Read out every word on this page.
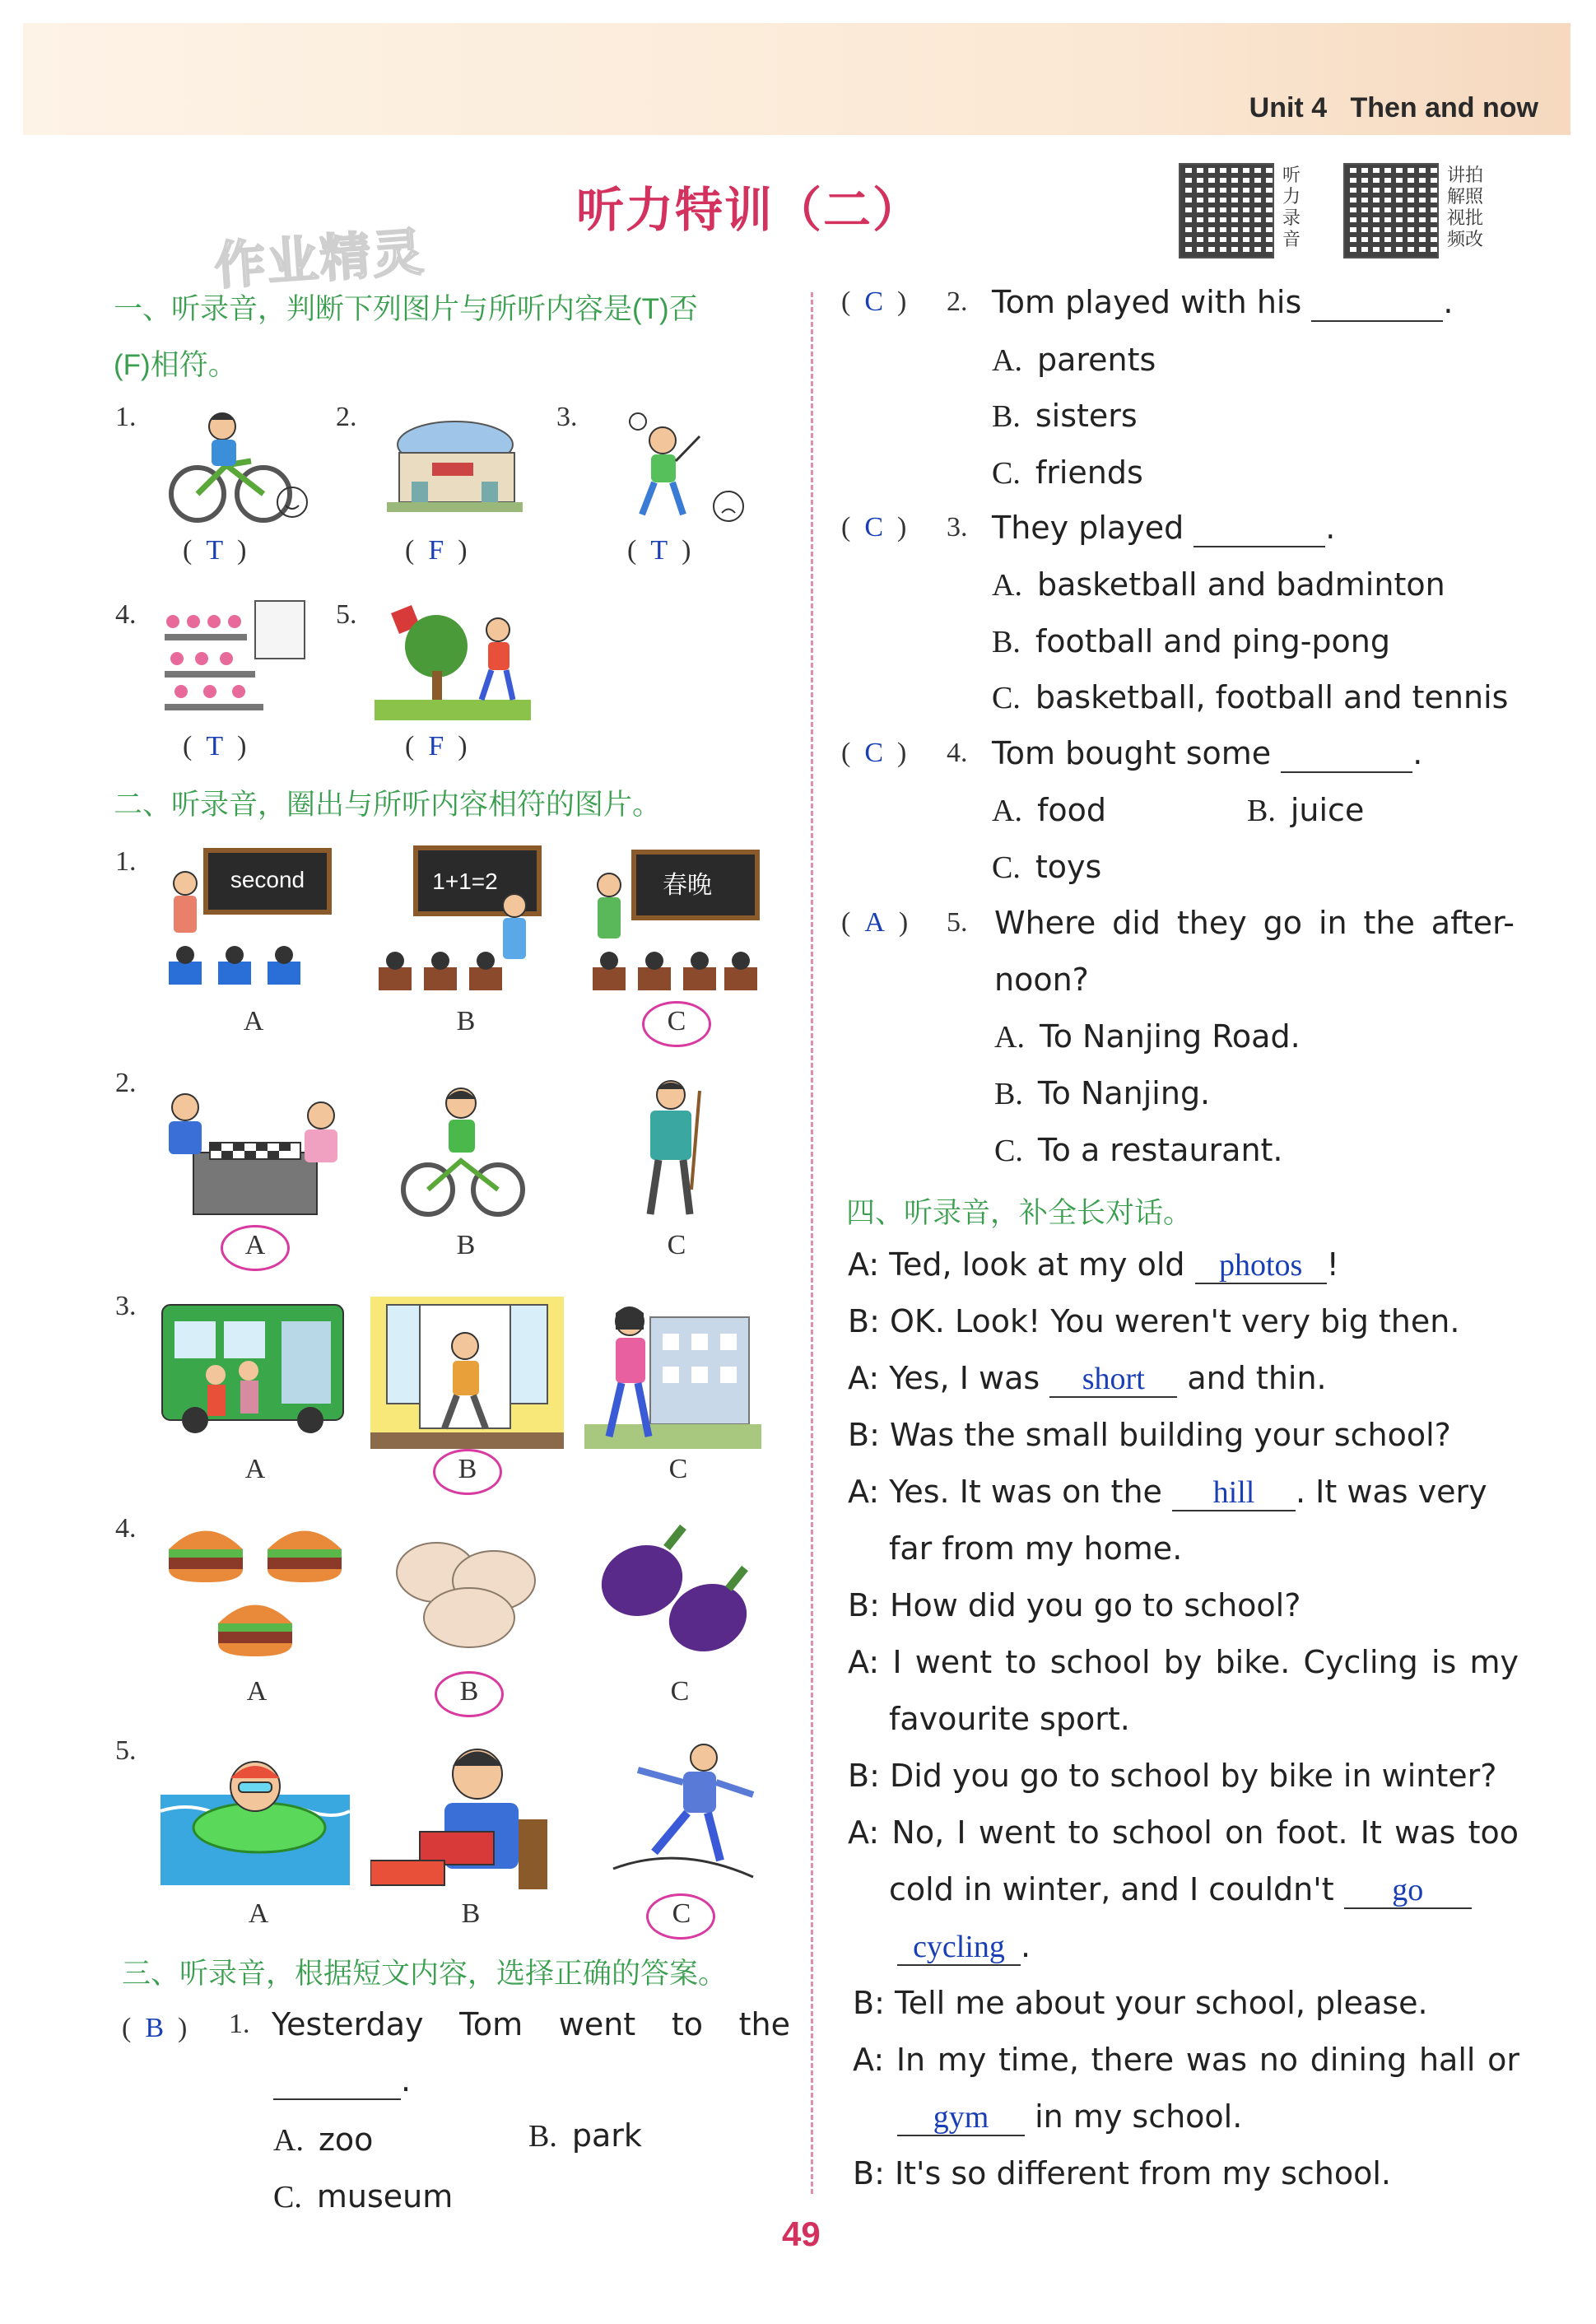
Unit 4 Then and now
作业精灵
听力特训（二）
听力录音
讲拍解照视批频改
一、听录音，判断下列图片与所听内容是(T)否
(F)相符。
1.
(  T  )
2.
(  F  )
3.
(  T  )
4.
(  T  )
5.
(  F  )
二、听录音，圈出与所听内容相符的图片。
1.
second	1+1=2	春晚
A	B	C
2.
A	B	C
3.
A	B	C
4.
A	B	C
5.
A	B	C
三、听录音，根据短文内容，选择正确的答案。
(  B  ) 1. Yesterday Tom went to the
.
A. zoo	B. park
C. museum
(  C  ) 2. Tom played with his	.
A. parents
B. sisters
C. friends
(  C  ) 3. They played	.
A. basketball and badminton
B. football and ping-pong
C. basketball, football and tennis
(  C  ) 4. Tom bought some	.
A. food	B. juice
C. toys
(  A  ) 5. Where did they go in the after-
noon?
A. To Nanjing Road.
B. To Nanjing.
C. To a restaurant.
四、听录音，补全长对话。
A: Ted, look at my old photos !
B: OK. Look! You weren't very big then.
A: Yes, I was short and thin.
B: Was the small building your school?
A: Yes. It was on the hill . It was very
far from my home.
B: How did you go to school?
A: I went to school by bike. Cycling is my
favourite sport.
B: Did you go to school by bike in winter?
A: No, I went to school on foot. It was too
cold in winter, and I couldn't go
cycling .
B: Tell me about your school, please.
A: In my time, there was no dining hall or
gym in my school.
B: It's so different from my school.
49
